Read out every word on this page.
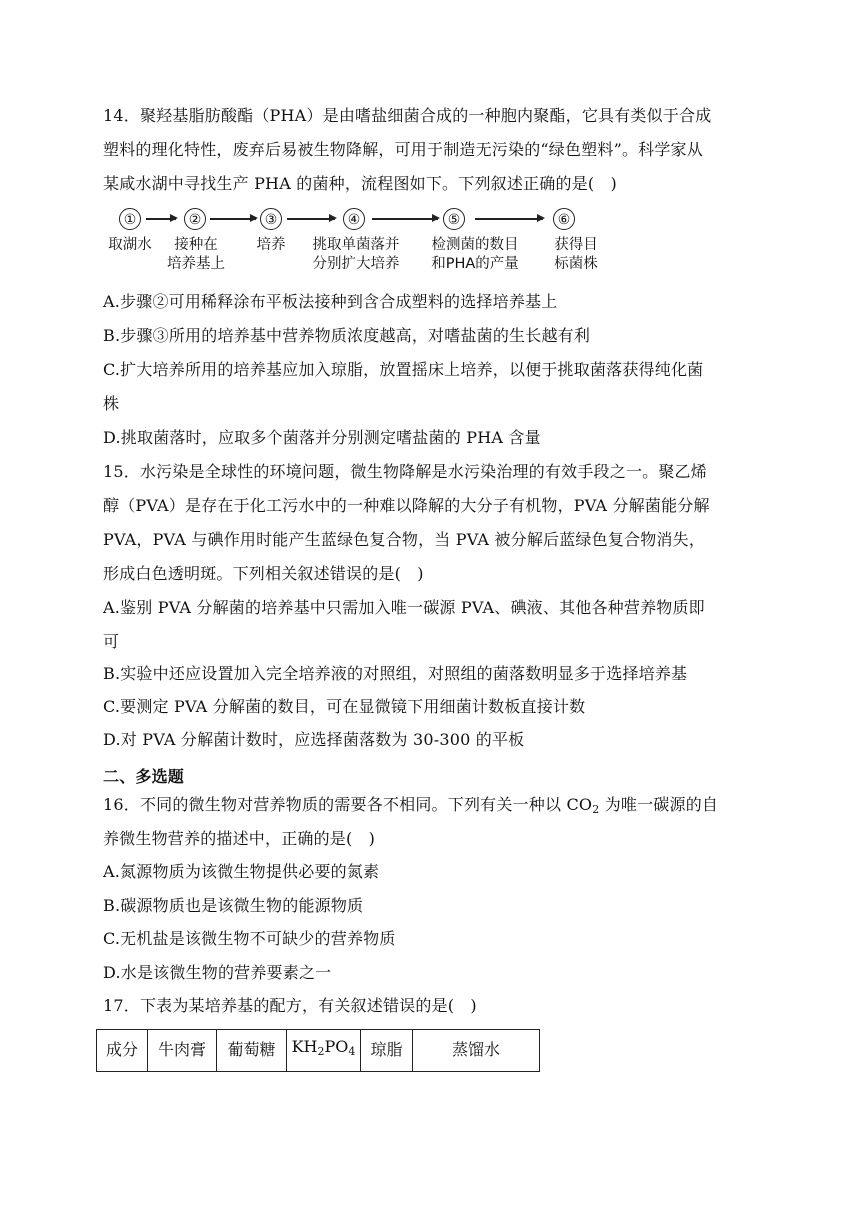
14．聚羟基脂肪酸酯（PHA）是由嗜盐细菌合成的一种胞内聚酯，它具有类似于合成
塑料的理化特性，废弃后易被生物降解，可用于制造无污染的“绿色塑料”。科学家从
某咸水湖中寻找生产 PHA 的菌种，流程图如下。下列叙述正确的是(　)
①	②	③	④	⑤	⑥
取湖水	接种在
培养基上
培养 挑取单菌落并
分别扩大培养
检测菌的数目
和PHA的产量
获得目
标菌株
A.步骤②可用稀释涂布平板法接种到含合成塑料的选择培养基上
B.步骤③所用的培养基中营养物质浓度越高，对嗜盐菌的生长越有利
C.扩大培养所用的培养基应加入琼脂，放置摇床上培养，以便于挑取菌落获得纯化菌
株
D.挑取菌落时，应取多个菌落并分别测定嗜盐菌的 PHA 含量
15．水污染是全球性的环境问题，微生物降解是水污染治理的有效手段之一。聚乙烯
醇（PVA）是存在于化工污水中的一种难以降解的大分子有机物，PVA 分解菌能分解
PVA，PVA 与碘作用时能产生蓝绿色复合物，当 PVA 被分解后蓝绿色复合物消失，
形成白色透明斑。下列相关叙述错误的是(　)
A.鉴别 PVA 分解菌的培养基中只需加入唯一碳源 PVA、碘液、其他各种营养物质即
可
B.实验中还应设置加入完全培养液的对照组，对照组的菌落数明显多于选择培养基
C.要测定 PVA 分解菌的数目，可在显微镜下用细菌计数板直接计数
D.对 PVA 分解菌计数时，应选择菌落数为 30-300 的平板
二、多选题
16．不同的微生物对营养物质的需要各不相同。下列有关一种以 $CO_2$ 为唯一碳源的自
养微生物营养的描述中，正确的是(　)
A.氮源物质为该微生物提供必要的氮素
B.碳源物质也是该微生物的能源物质
C.无机盐是该微生物不可缺少的营养物质
D.水是该微生物的营养要素之一
17．下表为某培养基的配方，有关叙述错误的是(　)
成分	牛肉膏	葡萄糖	$KH_2PO_4$	琼脂	蒸馏水
